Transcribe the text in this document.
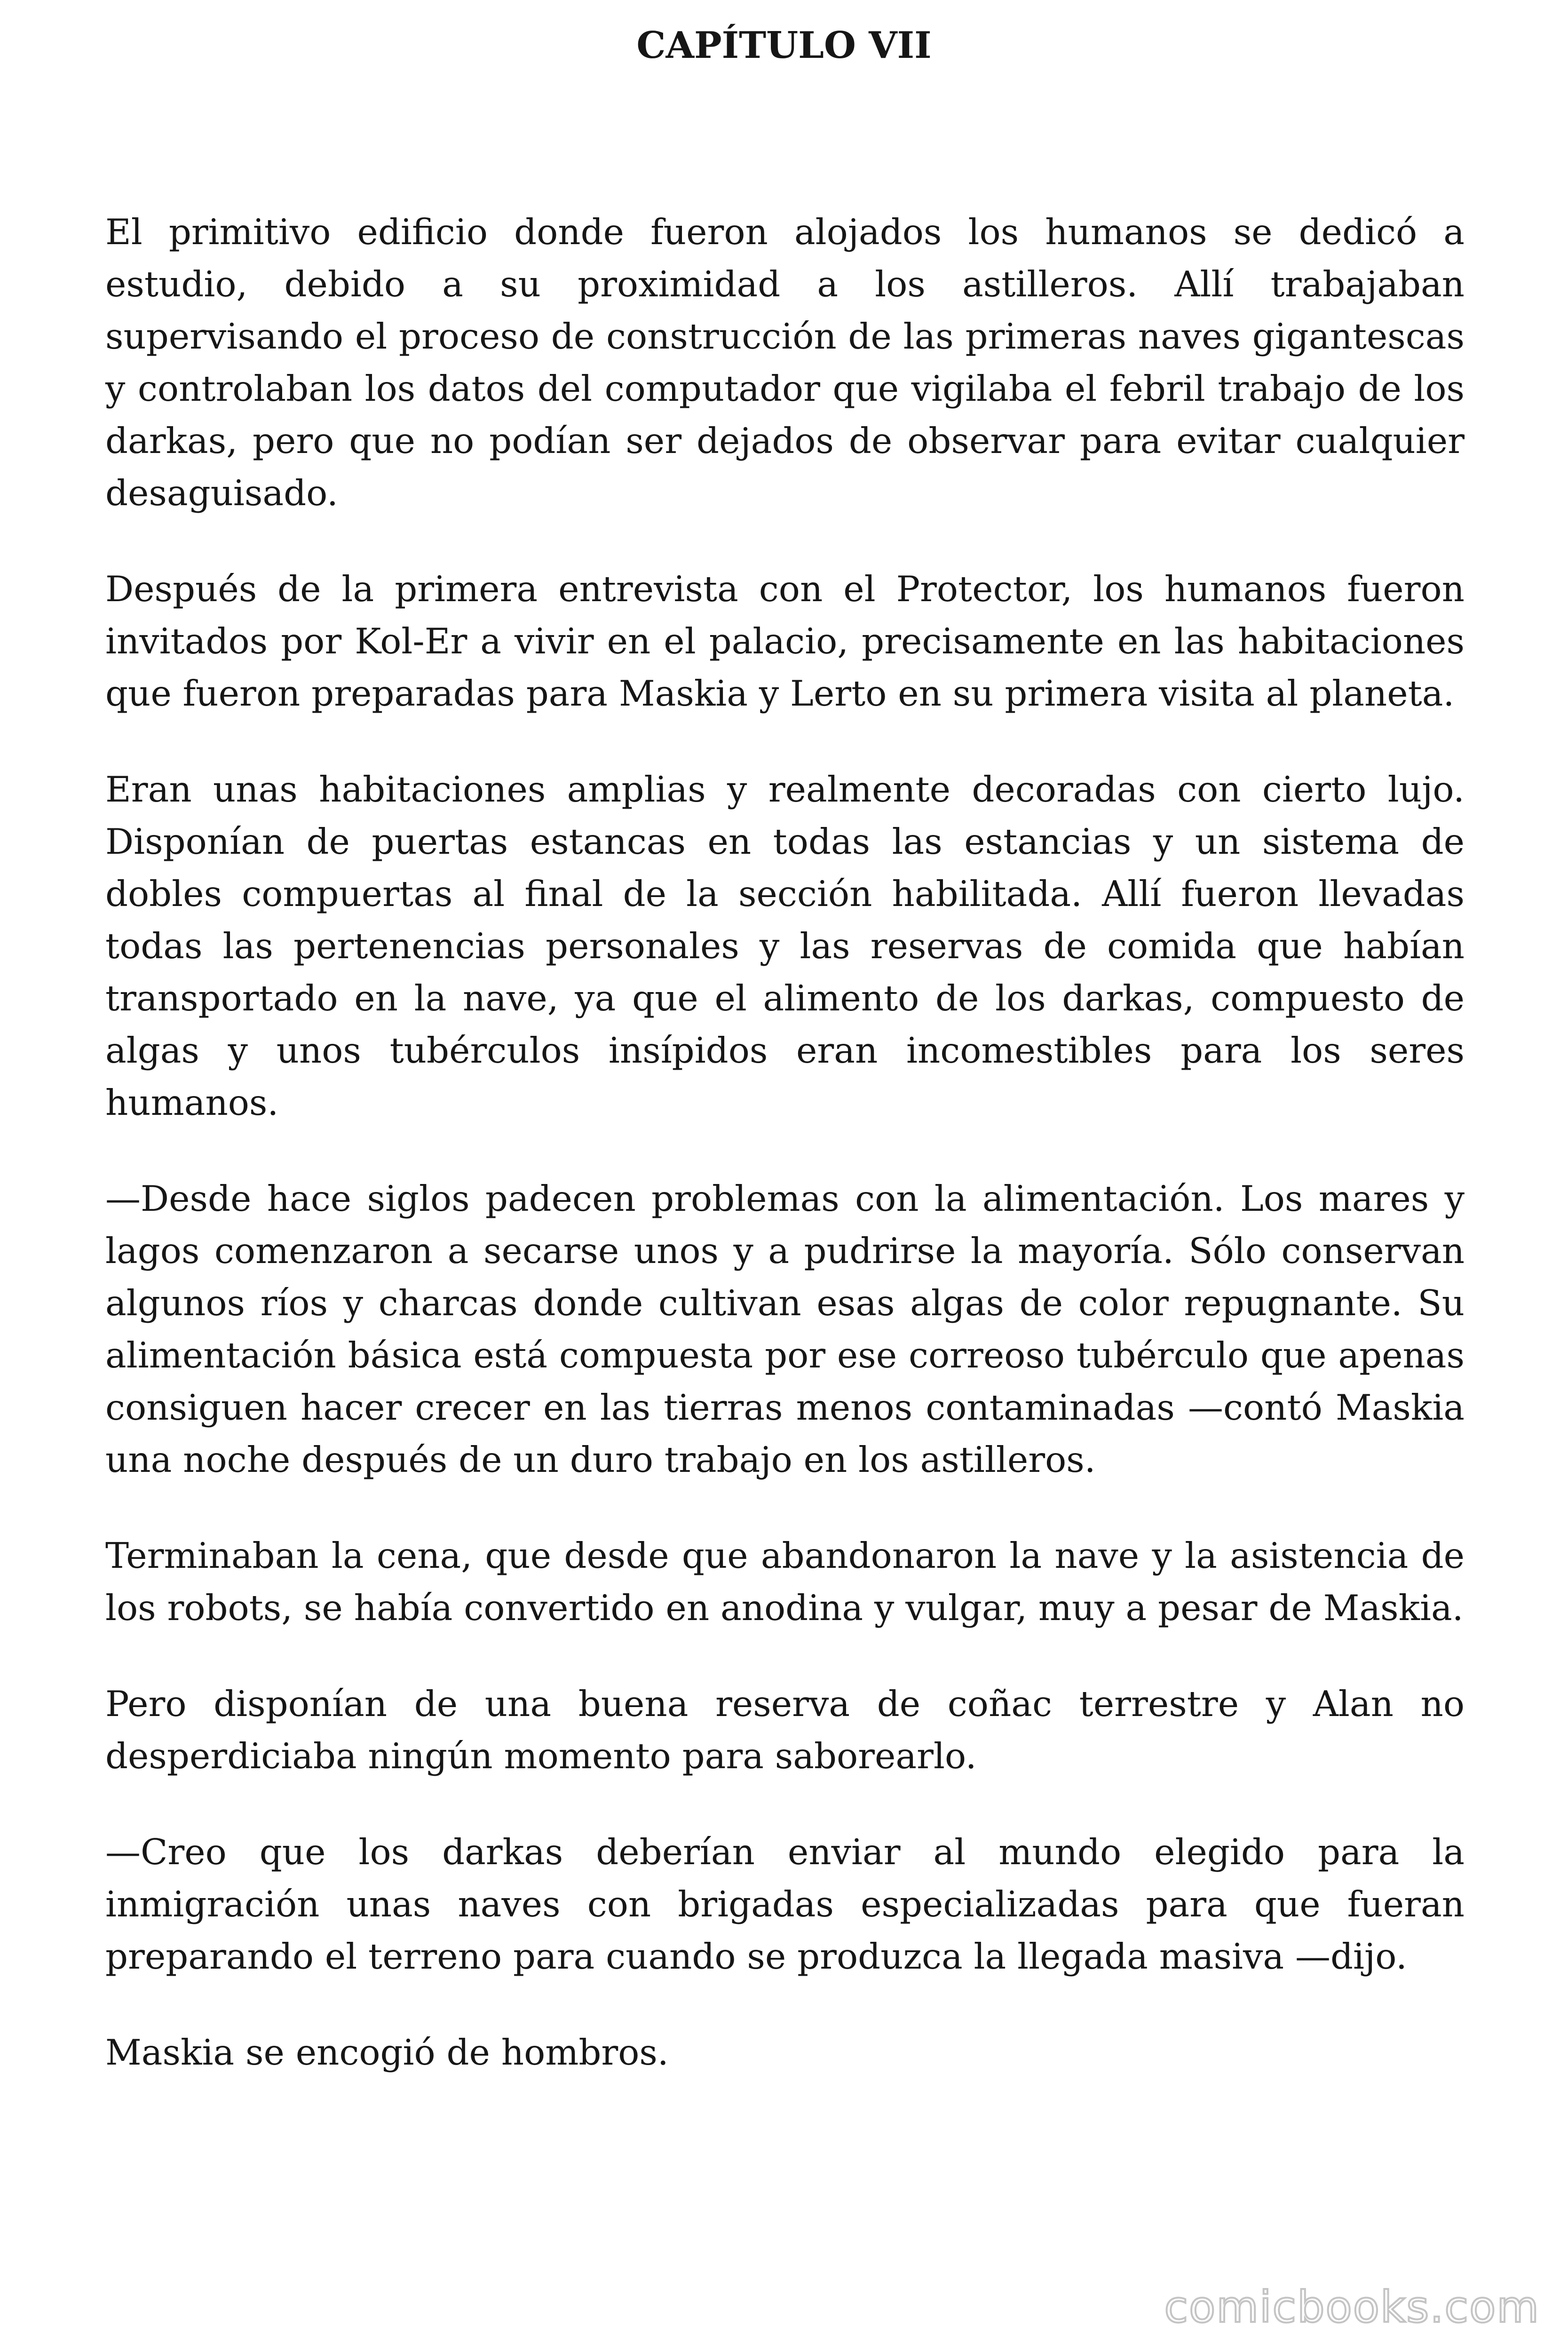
CAPÍTULO VII

El primitivo edificio donde fueron alojados los humanos se dedicó a estudio, debido a su proximidad a los astilleros. Allí trabajaban supervisando el proceso de construcción de las primeras naves gigantescas y controlaban los datos del computador que vigilaba el febril trabajo de los darkas, pero que no podían ser dejados de observar para evitar cualquier desaguisado.

Después de la primera entrevista con el Protector, los humanos fueron invitados por Kol-Er a vivir en el palacio, precisamente en las habitaciones que fueron preparadas para Maskia y Lerto en su primera visita al planeta.

Eran unas habitaciones amplias y realmente decoradas con cierto lujo. Disponían de puertas estancas en todas las estancias y un sistema de dobles compuertas al final de la sección habilitada. Allí fueron llevadas todas las pertenencias personales y las reservas de comida que habían transportado en la nave, ya que el alimento de los darkas, compuesto de algas y unos tubérculos insípidos eran incomestibles para los seres humanos.

—Desde hace siglos padecen problemas con la alimentación. Los mares y lagos comenzaron a secarse unos y a pudrirse la mayoría. Sólo conservan algunos ríos y charcas donde cultivan esas algas de color repugnante. Su alimentación básica está compuesta por ese correoso tubérculo que apenas consiguen hacer crecer en las tierras menos contaminadas —contó Maskia una noche después de un duro trabajo en los astilleros.

Terminaban la cena, que desde que abandonaron la nave y la asistencia de los robots, se había convertido en anodina y vulgar, muy a pesar de Maskia.

Pero disponían de una buena reserva de coñac terrestre y Alan no desperdiciaba ningún momento para saborearlo.

—Creo que los darkas deberían enviar al mundo elegido para la inmigración unas naves con brigadas especializadas para que fueran preparando el terreno para cuando se produzca la llegada masiva —dijo.

Maskia se encogió de hombros.

comicbooks.com
